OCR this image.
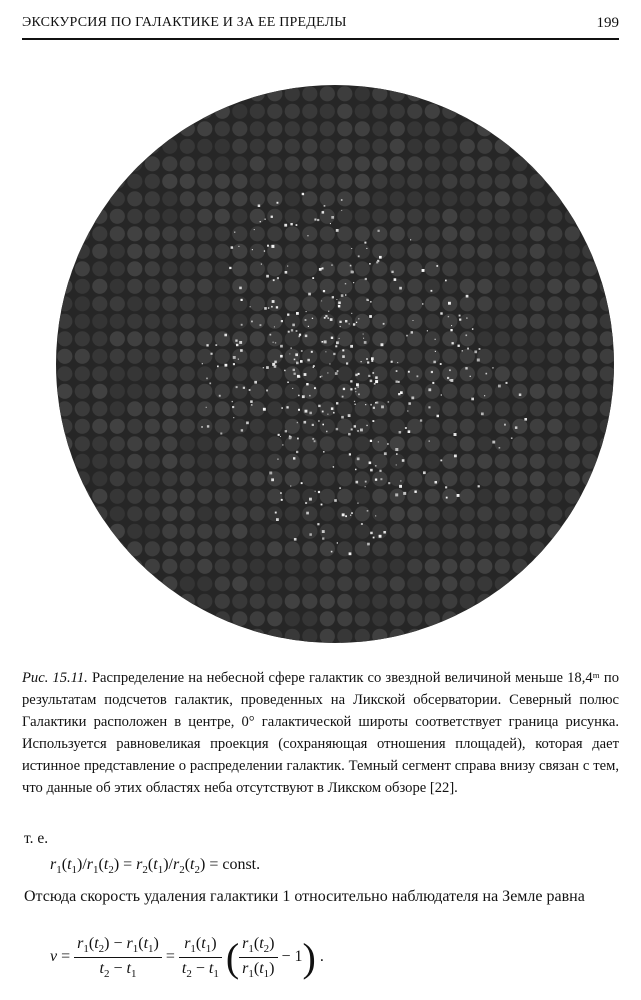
ЭКСКУРСИЯ ПО ГАЛАКТИКЕ И ЗА ЕЕ ПРЕДЕЛЫ	199
Рис. 15.11. Распределение на небесной сфере галактик со звездной величиной меньше 18,4ᵐ по результатам подсчетов галактик, проведенных на Ликской обсерватории. Северный полюс Галактики расположен в центре, 0° галактической широты соответствует граница рисунка. Используется равновеликая проекция (сохраняющая отношения площадей), которая дает истинное представление о распределении галактик. Темный сегмент справа внизу связан с тем, что данные об этих областях неба отсутствуют в Ликском обзоре [22].
т. е.
$r_1(t_1)/r_1(t_2) = r_2(t_1)/r_2(t_2)$ = const.
Отсюда скорость удаления галактики 1 относительно наблюдателя на Земле равна
$v = \frac{r_1(t_2) - r_1(t_1)}{t_2 - t_1} = \frac{r_1(t_1)}{t_2 - t_1}$ ( $\frac{r_1(t_2)}{r_1(t_1)} - 1$) .
